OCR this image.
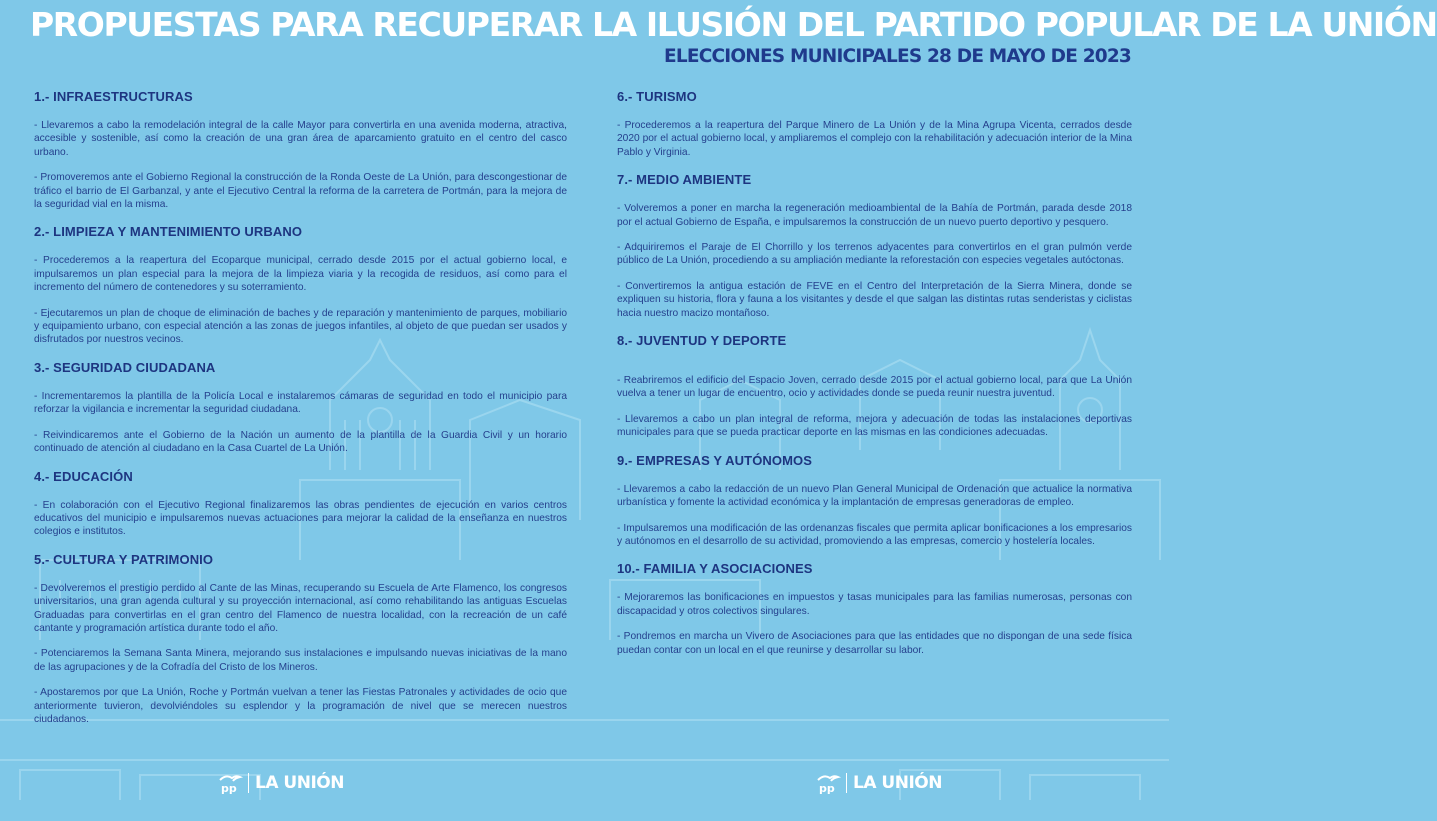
PROPUESTAS PARA RECUPERAR LA ILUSIÓN DEL PARTIDO POPULAR DE LA UNIÓN
ELECCIONES MUNICIPALES 28 DE MAYO DE 2023
1.- INFRAESTRUCTURAS

- Llevaremos a cabo la remodelación integral de la calle Mayor para convertirla en una avenida moderna, atractiva, accesible y sostenible, así como la creación de una gran área de aparcamiento gratuito en el centro del casco urbano.

- Promoveremos ante el Gobierno Regional la construcción de la Ronda Oeste de La Unión, para descongestionar de tráfico el barrio de El Garbanzal, y ante el Ejecutivo Central la reforma de la carretera de Portmán, para la mejora de la seguridad vial en la misma.

2.- LIMPIEZA Y MANTENIMIENTO URBANO

- Procederemos a la reapertura del Ecoparque municipal, cerrado desde 2015 por el actual gobierno local, e impulsaremos un plan especial para la mejora de la limpieza viaria y la recogida de residuos, así como para el incremento del número de contenedores y su soterramiento.

- Ejecutaremos un plan de choque de eliminación de baches y de reparación y mantenimiento de parques, mobiliario y equipamiento urbano, con especial atención a las zonas de juegos infantiles, al objeto de que puedan ser usados y disfrutados por nuestros vecinos.

3.- SEGURIDAD CIUDADANA

- Incrementaremos la plantilla de la Policía Local e instalaremos cámaras de seguridad en todo el municipio para reforzar la vigilancia e incrementar la seguridad ciudadana.

- Reivindicaremos ante el Gobierno de la Nación un aumento de la plantilla de la Guardia Civil y un horario continuado de atención al ciudadano en la Casa Cuartel de La Unión.

4.- EDUCACIÓN

- En colaboración con el Ejecutivo Regional finalizaremos las obras pendientes de ejecución en varios centros educativos del municipio e impulsaremos nuevas actuaciones para mejorar la calidad de la enseñanza en nuestros colegios e institutos.

5.- CULTURA Y PATRIMONIO

- Devolveremos el prestigio perdido al Cante de las Minas, recuperando su Escuela de Arte Flamenco, los congresos universitarios, una gran agenda cultural y su proyección internacional, así como rehabilitando las antiguas Escuelas Graduadas para convertirlas en el gran centro del Flamenco de nuestra localidad, con la recreación de un café cantante y programación artística durante todo el año.

- Potenciaremos la Semana Santa Minera, mejorando sus instalaciones e impulsando nuevas iniciativas de la mano de las agrupaciones y de la Cofradía del Cristo de los Mineros.

- Apostaremos por que La Unión, Roche y Portmán vuelvan a tener las Fiestas Patronales y actividades de ocio que anteriormente tuvieron, devolviéndoles su esplendor y la programación de nivel que se merecen nuestros ciudadanos.

6.- TURISMO

- Procederemos a la reapertura del Parque Minero de La Unión y de la Mina Agrupa Vicenta, cerrados desde 2020 por el actual gobierno local, y ampliaremos el complejo con la rehabilitación y adecuación interior de la Mina Pablo y Virginia.

7.- MEDIO AMBIENTE

- Volveremos a poner en marcha la regeneración medioambiental de la Bahía de Portmán, parada desde 2018 por el actual Gobierno de España, e impulsaremos la construcción de un nuevo puerto deportivo y pesquero.

- Adquiriremos el Paraje de El Chorrillo y los terrenos adyacentes para convertirlos en el gran pulmón verde público de La Unión, procediendo a su ampliación mediante la reforestación con especies vegetales autóctonas.

- Convertiremos la antigua estación de FEVE en el Centro del Interpretación de la Sierra Minera, donde se expliquen su historia, flora y fauna a los visitantes y desde el que salgan las distintas rutas senderistas y ciclistas hacia nuestro macizo montañoso.

8.- JUVENTUD Y DEPORTE

- Reabriremos el edificio del Espacio Joven, cerrado desde 2015 por el actual gobierno local, para que La Unión vuelva a tener un lugar de encuentro, ocio y actividades donde se pueda reunir nuestra juventud.

- Llevaremos a cabo un plan integral de reforma, mejora y adecuación de todas las instalaciones deportivas municipales para que se pueda practicar deporte en las mismas en las condiciones adecuadas.

9.- EMPRESAS Y AUTÓNOMOS

- Llevaremos a cabo la redacción de un nuevo Plan General Municipal de Ordenación que actualice la normativa urbanística y fomente la actividad económica y la implantación de empresas generadoras de empleo.

- Impulsaremos una modificación de las ordenanzas fiscales que permita aplicar bonificaciones a los empresarios y autónomos en el desarrollo de su actividad, promoviendo a las empresas, comercio y hostelería locales.

10.- FAMILIA Y ASOCIACIONES

- Mejoraremos las bonificaciones en impuestos y tasas municipales para las familias numerosas, personas con discapacidad y otros colectivos singulares.

- Pondremos en marcha un Vivero de Asociaciones para que las entidades que no dispongan de una sede física puedan contar con un local en el que reunirse y desarrollar su labor.

pp LA UNIÓN	pp LA UNIÓN
